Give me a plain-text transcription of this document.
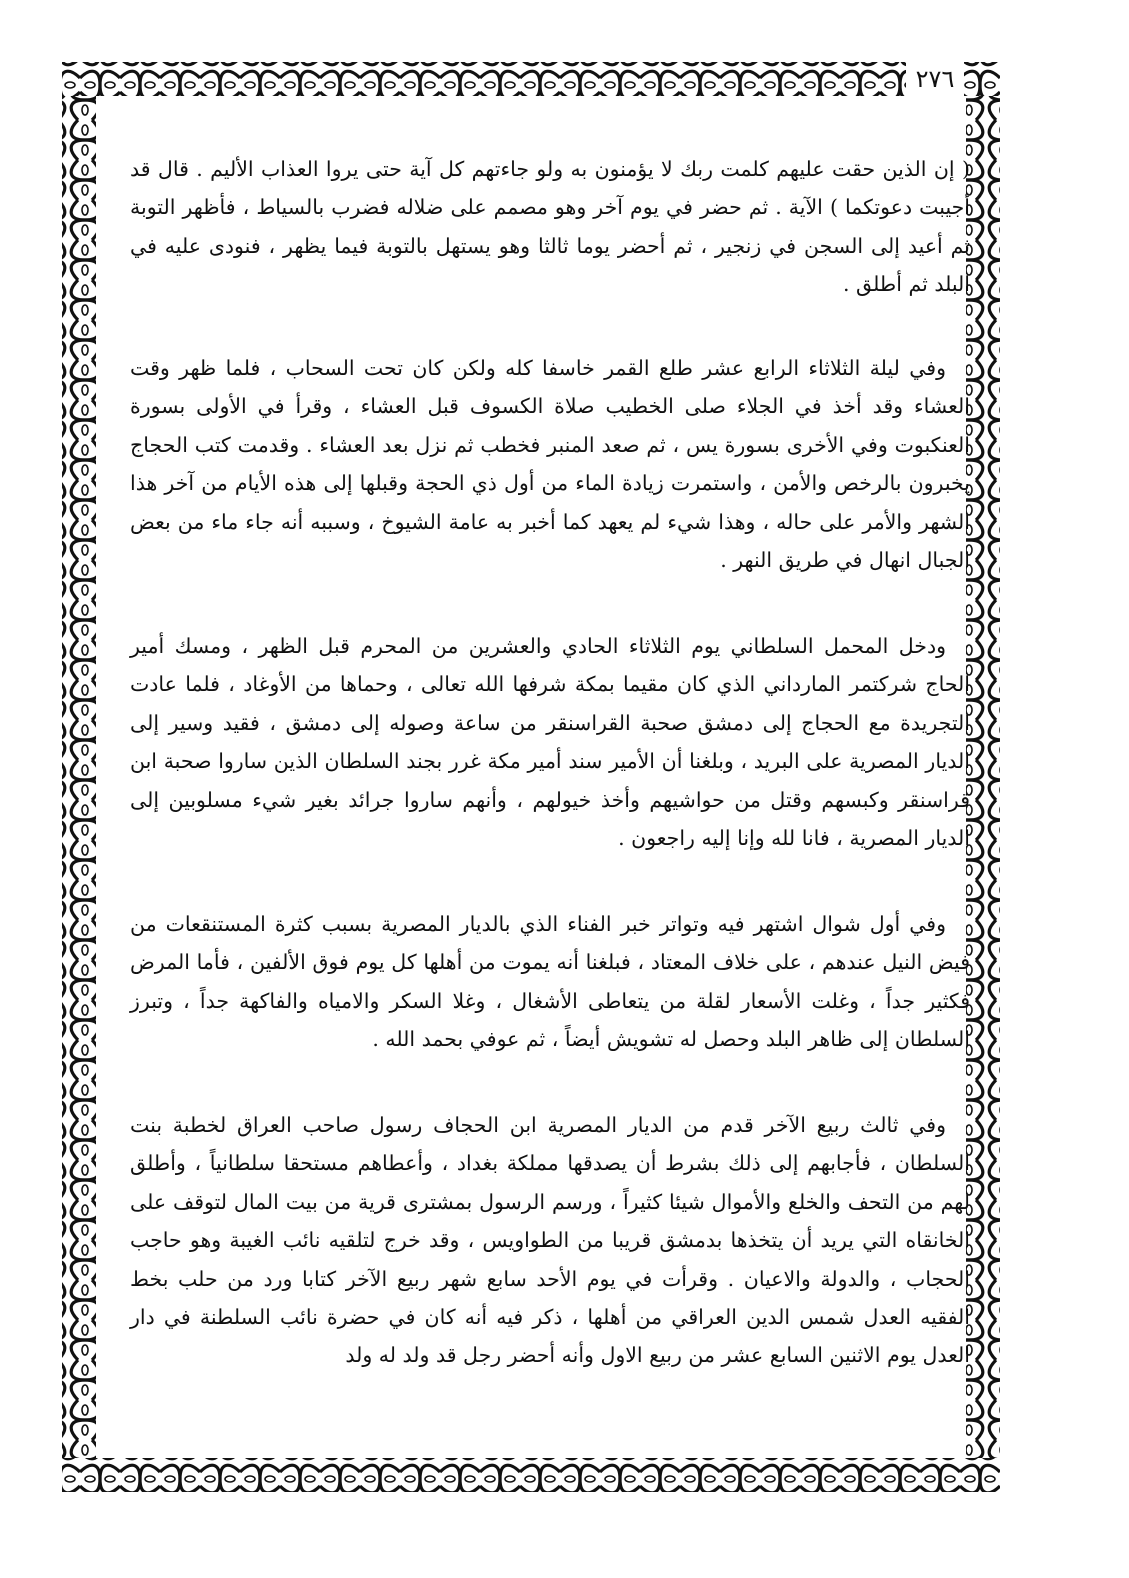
٢٧٦

( إن الذين حقت عليهم كلمت ربك لا يؤمنون به ولو جاءتهم كل آية حتى يروا العذاب الأليم . قال قد أجيبت دعوتكما ) الآية . ثم حضر في يوم آخر وهو مصمم على ضلاله فضرب بالسياط ، فأظهر التوبة ثم أعيد إلى السجن في زنجير ، ثم أحضر يوما ثالثا وهو يستهل بالتوبة فيما يظهر ، فنودى عليه في البلد ثم أطلق .

وفي ليلة الثلاثاء الرابع عشر طلع القمر خاسفا كله ولكن كان تحت السحاب ، فلما ظهر وقت العشاء وقد أخذ في الجلاء صلى الخطيب صلاة الكسوف قبل العشاء ، وقرأ في الأولى بسورة العنكبوت وفي الأخرى بسورة يس ، ثم صعد المنبر فخطب ثم نزل بعد العشاء . وقدمت كتب الحجاج يخبرون بالرخص والأمن ، واستمرت زيادة الماء من أول ذي الحجة وقبلها إلى هذه الأيام من آخر هذا الشهر والأمر على حاله ، وهذا شيء لم يعهد كما أخبر به عامة الشيوخ ، وسببه أنه جاء ماء من بعض الجبال انهال في طريق النهر .

ودخل المحمل السلطاني يوم الثلاثاء الحادي والعشرين من المحرم قبل الظهر ، ومسك أمير الحاج شركتمر المارداني الذي كان مقيما بمكة شرفها الله تعالى ، وحماها من الأوغاد ، فلما عادت التجريدة مع الحجاج إلى دمشق صحبة القراسنقر من ساعة وصوله إلى دمشق ، فقيد وسير إلى الديار المصرية على البريد ، وبلغنا أن الأمير سند أمير مكة غرر بجند السلطان الذين ساروا صحبة ابن قراسنقر وكبسهم وقتل من حواشيهم وأخذ خيولهم ، وأنهم ساروا جرائد بغير شيء مسلوبين إلى الديار المصرية ، فانا لله وإنا إليه راجعون .

وفي أول شوال اشتهر فيه وتواتر خبر الفناء الذي بالديار المصرية بسبب كثرة المستنقعات من فيض النيل عندهم ، على خلاف المعتاد ، فبلغنا أنه يموت من أهلها كل يوم فوق الألفين ، فأما المرض فكثير جداً ، وغلت الأسعار لقلة من يتعاطى الأشغال ، وغلا السكر والامياه والفاكهة جداً ، وتبرز السلطان إلى ظاهر البلد وحصل له تشويش أيضاً ، ثم عوفي بحمد الله .

وفي ثالث ربيع الآخر قدم من الديار المصرية ابن الحجاف رسول صاحب العراق لخطبة بنت السلطان ، فأجابهم إلى ذلك بشرط أن يصدقها مملكة بغداد ، وأعطاهم مستحقا سلطانياً ، وأطلق لهم من التحف والخلع والأموال شيئا كثيراً ، ورسم الرسول بمشترى قرية من بيت المال لتوقف على الخانقاه التي يريد أن يتخذها بدمشق قريبا من الطواويس ، وقد خرج لتلقيه نائب الغيبة وهو حاجب الحجاب ، والدولة والاعيان . وقرأت في يوم الأحد سابع شهر ربيع الآخر كتابا ورد من حلب بخط الفقيه العدل شمس الدين العراقي من أهلها ، ذكر فيه أنه كان في حضرة نائب السلطنة في دار العدل يوم الاثنين السابع عشر من ربيع الاول وأنه أحضر رجل قد ولد له ولد
